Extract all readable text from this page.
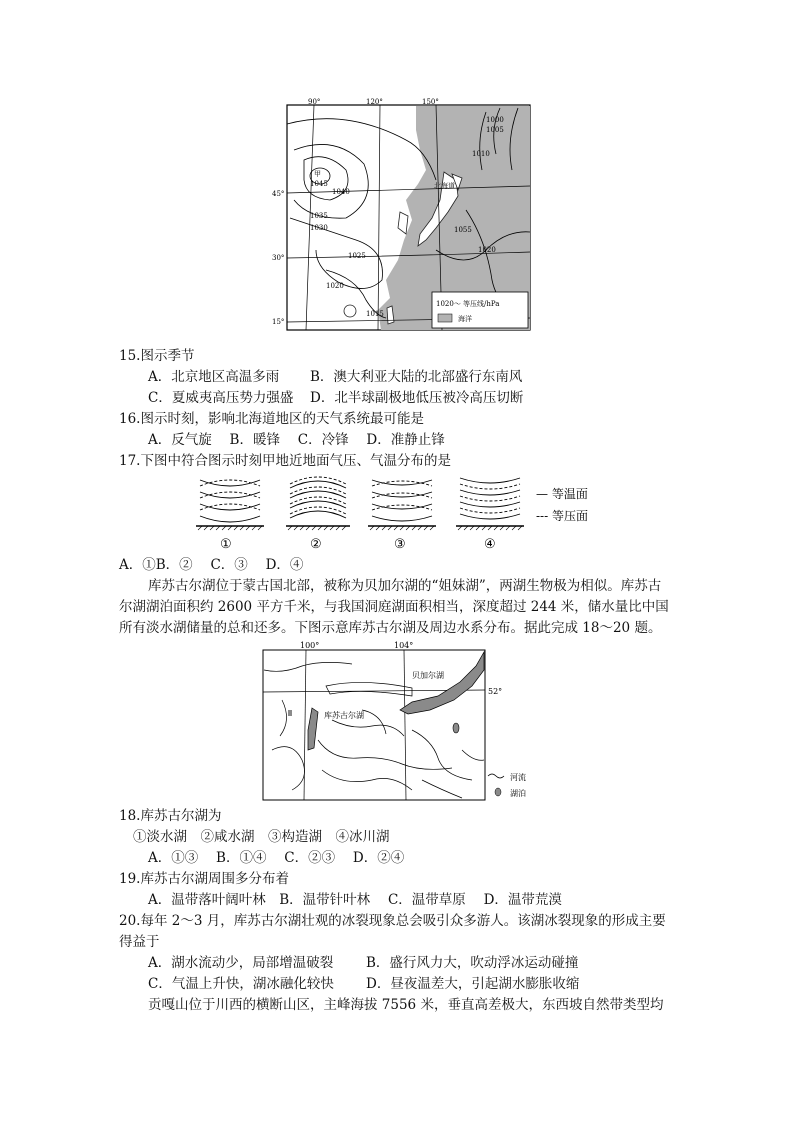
甲
北海道
90°	120°	150°
45°
30°
15°
1045
1040
1035
1030
1025
1020
1015
1000
1005
1010
1055
1020
1020～ 等压线/hPa
海洋
15.图示季节
A．北京地区高温多雨 B．澳大利亚大陆的北部盛行东南风
C．夏威夷高压势力强盛 D．北半球副极地低压被冷高压切断
16.图示时刻，影响北海道地区的天气系统最可能是
A．反气旋　 B．暖锋　 C．冷锋　 D．准静止锋
17.下图中符合图示时刻甲地近地面气压、气温分布的是
①	②	③	④
— 等温面
--- 等压面
A．①B．②　 C．③　 D．④
库苏古尔湖位于蒙古国北部，被称为贝加尔湖的“姐妹湖”，两湖生物极为相似。库苏古
尔湖湖泊面积约 2600 平方千米，与我国洞庭湖面积相当，深度超过 244 米，储水量比中国
所有淡水湖储量的总和还多。下图示意库苏古尔湖及周边水系分布。据此完成 18～20 题。
100°	104°
52°
贝加尔湖
库苏古尔湖
河流
湖泊
18.库苏古尔湖为
①淡水湖　②咸水湖　③构造湖　④冰川湖
A．①③　 B．①④　 C．②③　 D．②④
19.库苏古尔湖周围多分布着
A．温带落叶阔叶林　B．温带针叶林　 C．温带草原　 D．温带荒漠
20.每年 2～3 月，库苏古尔湖壮观的冰裂现象总会吸引众多游人。该湖冰裂现象的形成主要
得益于
A．湖水流动少，局部增温破裂 B．盛行风力大，吹动浮冰运动碰撞
C．气温上升快，湖冰融化较快 D．昼夜温差大，引起湖水膨胀收缩
贡嘎山位于川西的横断山区，主峰海拔 7556 米，垂直高差极大，东西坡自然带类型均
